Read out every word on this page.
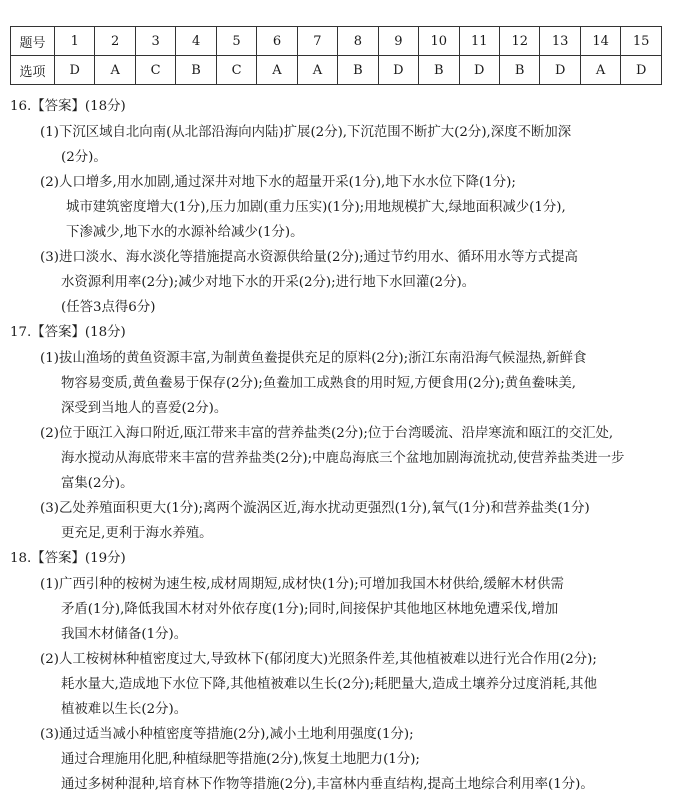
题号	1	2	3	4	5	6	7	8	9	10	11	12	13	14	15
选项	D	A	C	B	C	A	A	B	D	B	D	B	D	A	D
16.【答案】(18分)
(1)下沉区域自北向南(从北部沿海向内陆)扩展(2分),下沉范围不断扩大(2分),深度不断加深
(2分)。
(2)人口增多,用水加剧,通过深井对地下水的超量开采(1分),地下水水位下降(1分);
城市建筑密度增大(1分),压力加剧(重力压实)(1分);用地规模扩大,绿地面积减少(1分),
下渗减少,地下水的水源补给减少(1分)。
(3)进口淡水、海水淡化等措施提高水资源供给量(2分);通过节约用水、循环用水等方式提高
水资源利用率(2分);减少对地下水的开采(2分);进行地下水回灌(2分)。
(任答3点得6分)
17.【答案】(18分)
(1)拔山渔场的黄鱼资源丰富,为制黄鱼鲞提供充足的原料(2分);浙江东南沿海气候湿热,新鲜食
物容易变质,黄鱼鲞易于保存(2分);鱼鲞加工成熟食的用时短,方便食用(2分);黄鱼鲞味美,
深受到当地人的喜爱(2分)。
(2)位于瓯江入海口附近,瓯江带来丰富的营养盐类(2分);位于台湾暖流、沿岸寒流和瓯江的交汇处,
海水搅动从海底带来丰富的营养盐类(2分);中鹿岛海底三个盆地加剧海流扰动,使营养盐类进一步
富集(2分)。
(3)乙处养殖面积更大(1分);离两个漩涡区近,海水扰动更强烈(1分),氧气(1分)和营养盐类(1分)
更充足,更利于海水养殖。
18.【答案】(19分)
(1)广西引种的桉树为速生桉,成材周期短,成材快(1分);可增加我国木材供给,缓解木材供需
矛盾(1分),降低我国木材对外依存度(1分);同时,间接保护其他地区林地免遭采伐,增加
我国木材储备(1分)。
(2)人工桉树林种植密度过大,导致林下(郁闭度大)光照条件差,其他植被难以进行光合作用(2分);
耗水量大,造成地下水位下降,其他植被难以生长(2分);耗肥量大,造成土壤养分过度消耗,其他
植被难以生长(2分)。
(3)通过适当减小种植密度等措施(2分),减小土地利用强度(1分);
通过合理施用化肥,种植绿肥等措施(2分),恢复土地肥力(1分);
通过多树种混种,培育林下作物等措施(2分),丰富林内垂直结构,提高土地综合利用率(1分)。
